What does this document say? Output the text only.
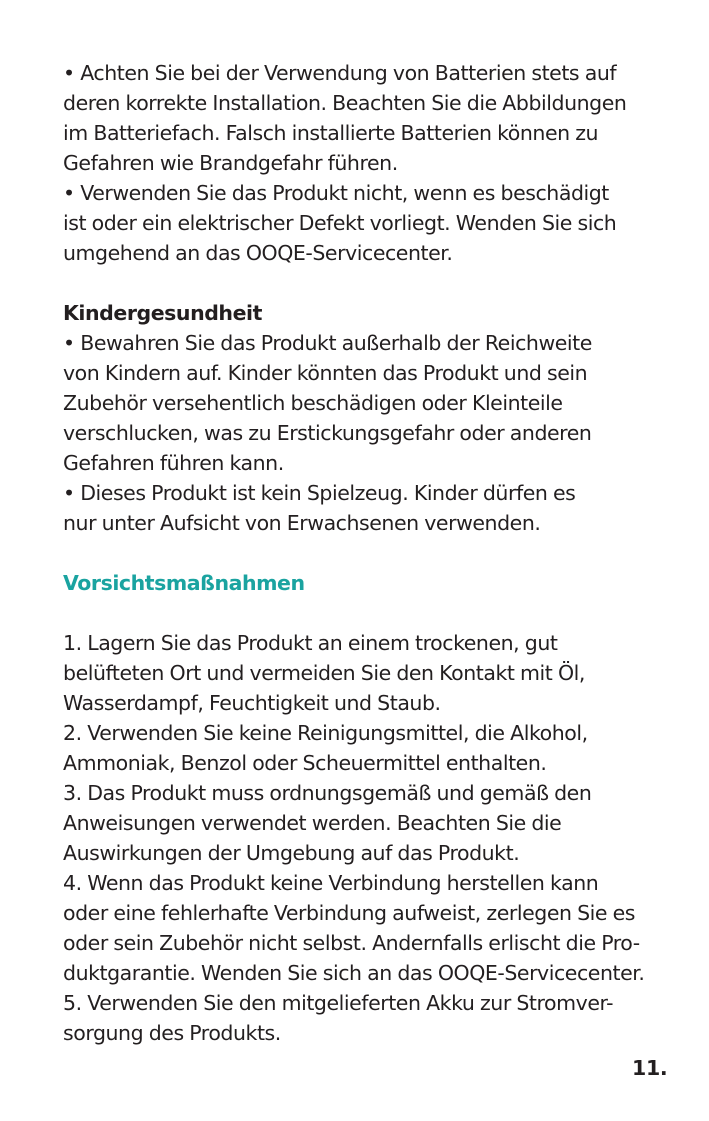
• Achten Sie bei der Verwendung von Batterien stets auf
deren korrekte Installation. Beachten Sie die Abbildungen
im Batteriefach. Falsch installierte Batterien können zu
Gefahren wie Brandgefahr führen.
• Verwenden Sie das Produkt nicht, wenn es beschädigt
ist oder ein elektrischer Defekt vorliegt. Wenden Sie sich
umgehend an das OOQE-Servicecenter.
Kindergesundheit
• Bewahren Sie das Produkt außerhalb der Reichweite
von Kindern auf. Kinder könnten das Produkt und sein
Zubehör versehentlich beschädigen oder Kleinteile
verschlucken, was zu Erstickungsgefahr oder anderen
Gefahren führen kann.
• Dieses Produkt ist kein Spielzeug. Kinder dürfen es
nur unter Aufsicht von Erwachsenen verwenden.
Vorsichtsmaßnahmen
1. Lagern Sie das Produkt an einem trockenen, gut
belüfteten Ort und vermeiden Sie den Kontakt mit Öl,
Wasserdampf, Feuchtigkeit und Staub.
2. Verwenden Sie keine Reinigungsmittel, die Alkohol,
Ammoniak, Benzol oder Scheuermittel enthalten.
3. Das Produkt muss ordnungsgemäß und gemäß den
Anweisungen verwendet werden. Beachten Sie die
Auswirkungen der Umgebung auf das Produkt.
4. Wenn das Produkt keine Verbindung herstellen kann
oder eine fehlerhafte Verbindung aufweist, zerlegen Sie es
oder sein Zubehör nicht selbst. Andernfalls erlischt die Pro-
duktgarantie. Wenden Sie sich an das OOQE-Servicecenter.
5. Verwenden Sie den mitgelieferten Akku zur Stromver-
sorgung des Produkts.
11.
